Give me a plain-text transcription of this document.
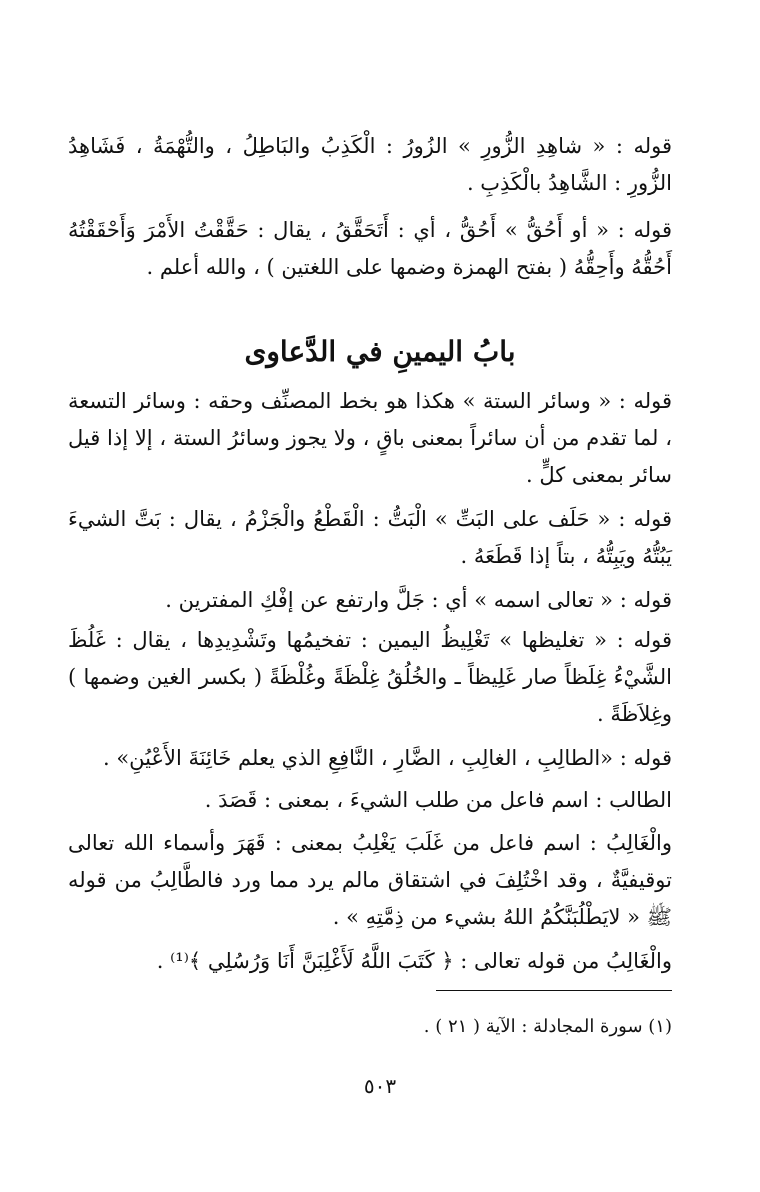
قوله : « شاهِدِ الزُّورِ » الزُورُ : الْكَذِبُ والبَاطِلُ ، والتُّهْمَةُ ، فَشَاهِدُ الزُّورِ : الشَّاهِدُ بالْكَذِبِ .

قوله : « أو أَحُقُّ » أَحُقُّ ، أي : أَتَحَقَّقُ ، يقال : حَقَّقْتُ الأَمْرَ وَأَحْقَقْتُهُ أَحُقُّهُ وأَحِقُّهُ ( بفتح الهمزة وضمها على اللغتين ) ، والله أعلم .

بابُ اليمينِ في الدَّعاوى

قوله : « وسائر الستة » هكذا هو بخط المصنِّف وحقه : وسائر التسعة ، لما تقدم من أن سائراً بمعنى باقٍ ، ولا يجوز وسائرُ الستة ، إلا إذا قيل سائر بمعنى كلٍّ .

قوله : « حَلَف على البَتِّ » الْبَتُّ : الْقَطْعُ والْجَزْمُ ، يقال : بَتَّ الشيءَ يَبُتُّهُ ويَبِتُّهُ ، بتاً إذا قَطَعَهُ .

قوله : « تعالى اسمه » أي : جَلَّ وارتفع عن إفْكِ المفترين .

قوله : « تغليظها » تَغْلِيظُ اليمين : تفخيمُها وتَشْدِيدِها ، يقال : غَلُظَ الشَّيْءُ غِلَظاً صار غَلِيظاً ـ والخُلُقُ غِلْظَةً وغُلْظَةً ( بكسر الغين وضمها ) وغِلاَظَةً .

قوله : «الطالِبِ ، الغالِبِ ، الضَّارِ ، النَّافِعِ الذي يعلم خَائِنَةَ الأَعْيُنِ» .

الطالب : اسم فاعل من طلب الشيءَ ، بمعنى : قَصَدَ .

والْغَالِبُ : اسم فاعل من غَلَبَ يَغْلِبُ بمعنى : قَهَرَ وأسماء الله تعالى توقيفيَّةٌ ، وقد اخْتُلِفَ في اشتقاق مالم يرد مما ورد فالطَّالِبُ من قوله ﷺ « لايَطْلُبَنَّكُمُ اللهُ بشيء من ذِمَّتِهِ » .

والْغَالِبُ من قوله تعالى : ﴿ كَتَبَ اللَّهُ لَأَغْلِبَنَّ أَنَا وَرُسُلِي ﴾⁽¹⁾ .

(١) سورة المجادلة : الآية ( ٢١ ) .

٥٠٣
